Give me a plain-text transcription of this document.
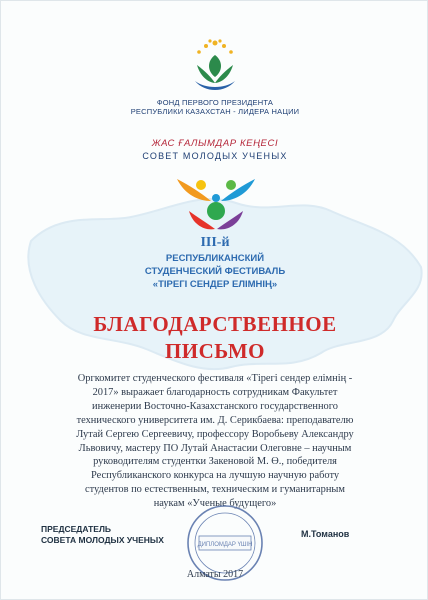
ФОНД ПЕРВОГО ПРЕЗИДЕНТА
РЕСПУБЛИКИ КАЗАХСТАН - ЛИДЕРА НАЦИИ
ЖАС ҒАЛЫМДАР КЕҢЕСІ
СОВЕТ МОЛОДЫХ УЧЕНЫХ
III-й
РЕСПУБЛИКАНСКИЙ
СТУДЕНЧЕСКИЙ ФЕСТИВАЛЬ
«ТІРЕГІ СЕНДЕР ЕЛІМНІҢ»
БЛАГОДАРСТВЕННОЕ
ПИСЬМО
Оргкомитет студенческого фестиваля «Тірегі сендер елімнің -
2017» выражает благодарность сотрудникам Факультет
инженерии Восточно-Казахстанского государственного
технического университета им. Д. Серикбаева: преподавателю
Лутай Сергею Сергеевичу, профессору Воробьеву Александру
Львовичу, мастеру ПО Лутай Анастасии Олеговне – научным
руководителям студентки Закеновой М. Ө., победителя
Республиканского конкурса на лучшую научную работу
студентов по естественным, техническим и гуманитарным
наукам «Ученые будущего»
ДИПЛОМДАР ҮШІН
ПРЕДСЕДАТЕЛЬ
СОВЕТА МОЛОДЫХ УЧЕНЫХ
М.Томанов
Алматы 2017
